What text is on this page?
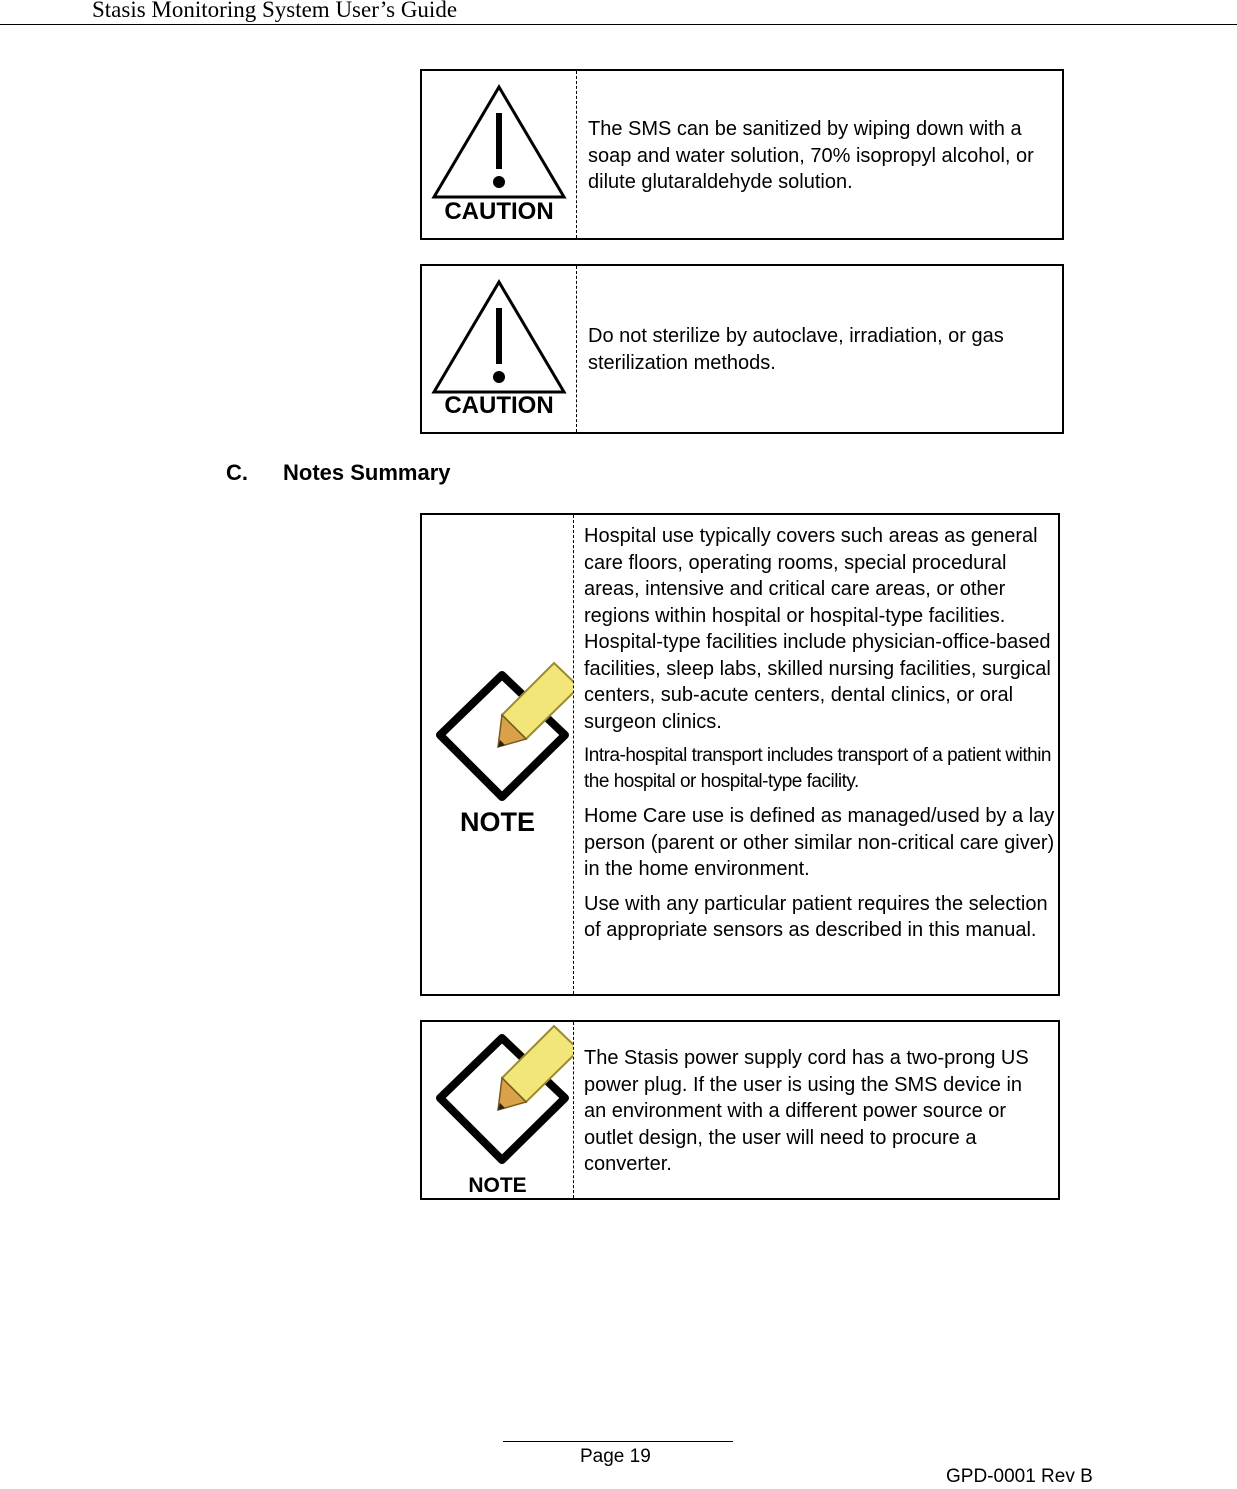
Stasis Monitoring System User’s Guide
CAUTION
The SMS can be sanitized by wiping down with a soap and water solution, 70% isopropyl alcohol, or dilute glutaraldehyde solution.
CAUTION
Do not sterilize by autoclave, irradiation, or gas sterilization methods.
C. Notes Summary
NOTE

Hospital use typically covers such areas as general care floors, operating rooms, special procedural areas, intensive and critical care areas, or other regions within hospital or hospital-type facilities. Hospital-type facilities include physician-office-based facilities, sleep labs, skilled nursing facilities, surgical centers, sub-acute centers, dental clinics, or oral surgeon clinics.

Intra-hospital transport includes transport of a patient within the hospital or hospital-type facility.

Home Care use is defined as managed/used by a lay person (parent or other similar non-critical care giver) in the home environment.

Use with any particular patient requires the selection of appropriate sensors as described in this manual.

NOTE
The Stasis power supply cord has a two-prong US power plug. If the user is using the SMS device in an environment with a different power source or outlet design, the user will need to procure a converter.
Page 19
GPD-0001 Rev B
